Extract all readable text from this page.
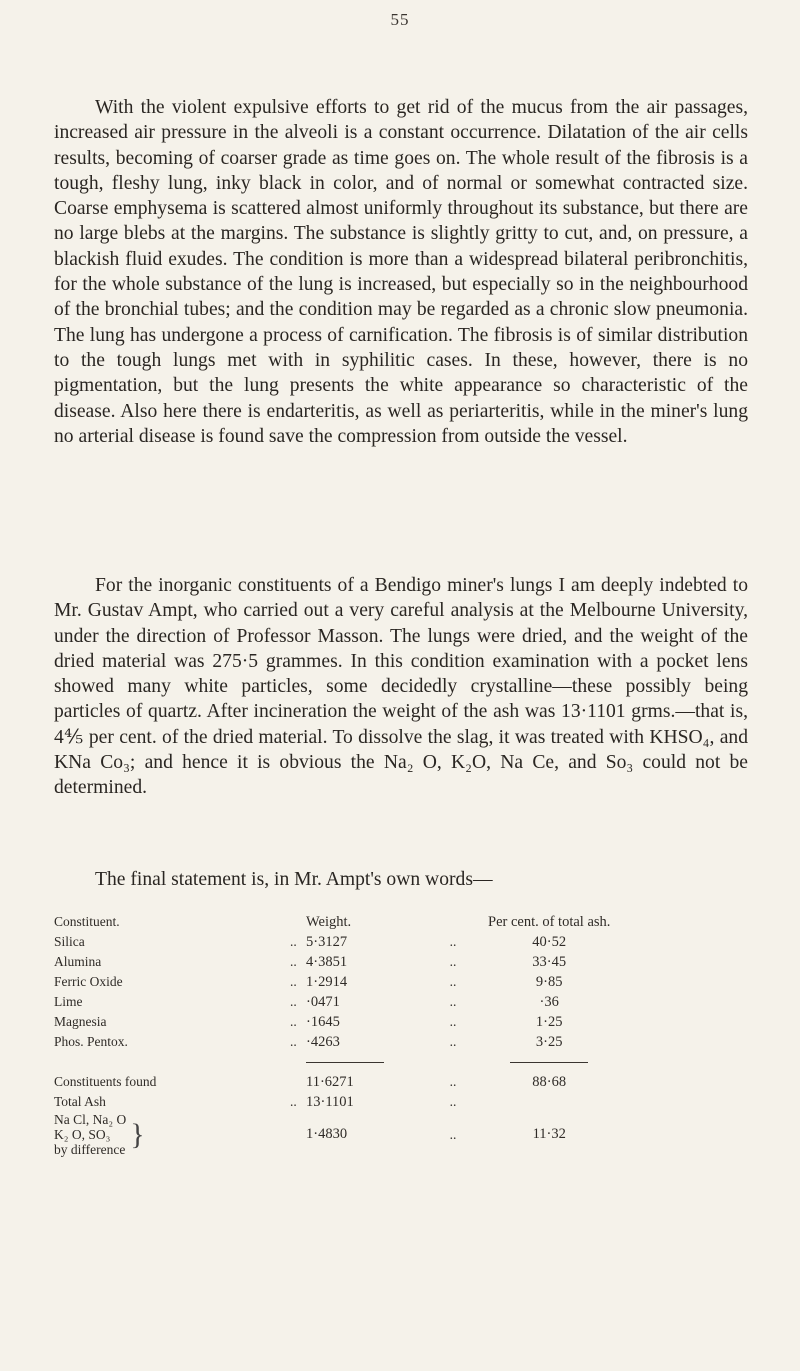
55

With the violent expulsive efforts to get rid of the mucus from the air passages, increased air pressure in the alveoli is a constant occurrence. Dilatation of the air cells results, becoming of coarser grade as time goes on. The whole result of the fibrosis is a tough, fleshy lung, inky black in color, and of normal or somewhat contracted size. Coarse emphysema is scattered almost uniformly throughout its substance, but there are no large blebs at the margins. The substance is slightly gritty to cut, and, on pressure, a blackish fluid exudes. The condition is more than a widespread bilateral peribronchitis, for the whole substance of the lung is increased, but especially so in the neighbourhood of the bronchial tubes; and the condition may be regarded as a chronic slow pneumonia. The lung has undergone a process of carnification. The fibrosis is of similar distribution to the tough lungs met with in syphilitic cases. In these, however, there is no pigmentation, but the lung presents the white appearance so characteristic of the disease. Also here there is endarteritis, as well as periarteritis, while in the miner's lung no arterial disease is found save the compression from outside the vessel.

For the inorganic constituents of a Bendigo miner's lungs I am deeply indebted to Mr. Gustav Ampt, who carried out a very careful analysis at the Melbourne University, under the direction of Professor Masson. The lungs were dried, and the weight of the dried material was 275·5 grammes. In this condition examination with a pocket lens showed many white particles, some decidedly crystalline—these possibly being particles of quartz. After incineration the weight of the ash was 13·1101 grms.—that is, 4⅘ per cent. of the dried material. To dissolve the slag, it was treated with KHSO₄, and KNa Co₃; and hence it is obvious the Na₂ O, K₂O, Na Ce, and So₃ could not be determined.

The final statement is, in Mr. Ampt's own words—

Constituent.		Weight.		Per cent. of total ash.
Silica	..	5·3127	..	40·52
Alumina	..	4·3851	..	33·45
Ferric Oxide	..	1·2914	..	9·85
Lime	..	·0471	..	·36
Magnesia	..	·1645	..	1·25
Phos. Pentox.	..	·4263	..	3·25

Constituents found		11·6271	..	88·68
Total Ash	..	13·1101	..	

Na Cl, Na₂ O
K₂ O, SO₃
by difference }		1·4830	..	11·32
